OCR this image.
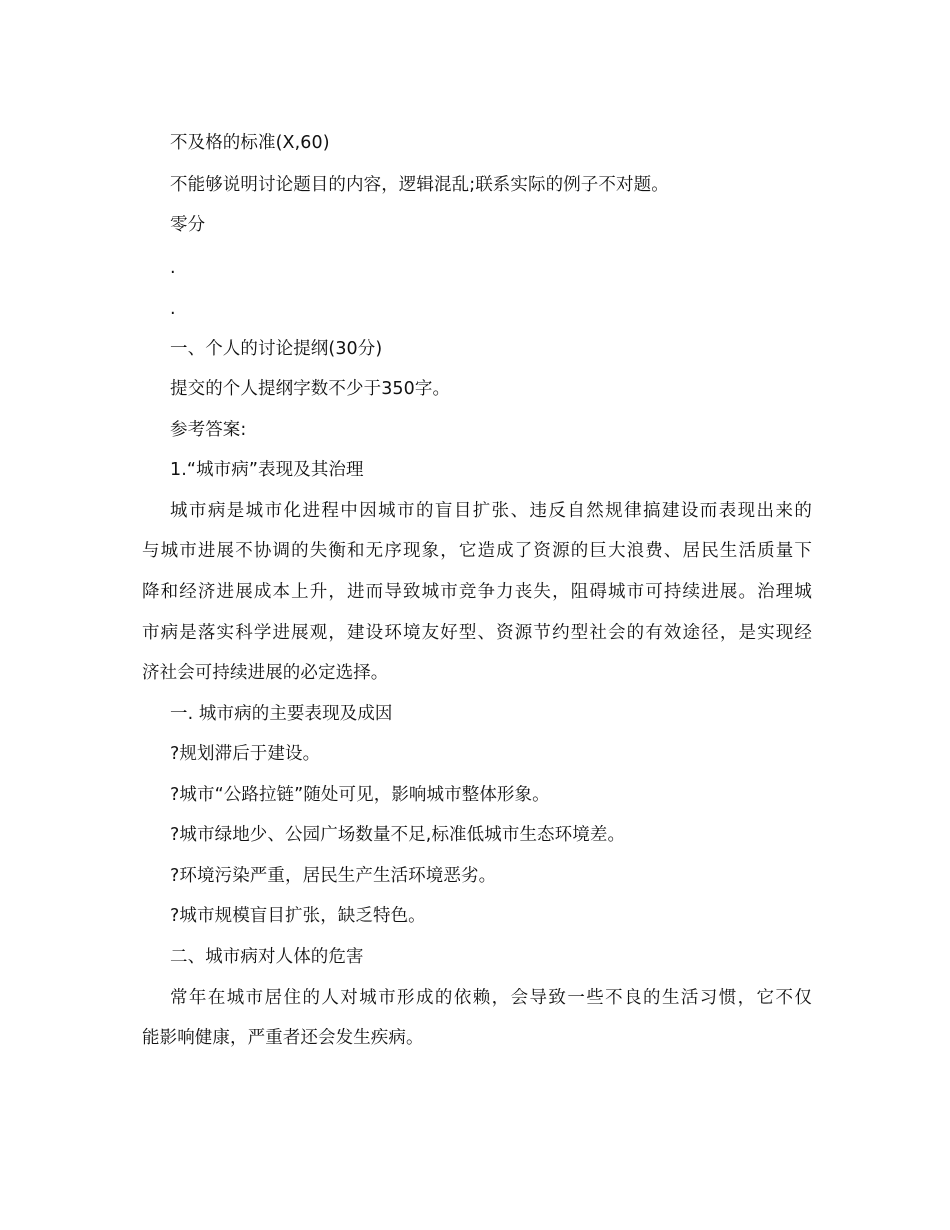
不及格的标准(X,60)
不能够说明讨论题目的内容，逻辑混乱;联系实际的例子不对题。
零分
.
.
一、个人的讨论提纲(30分)
提交的个人提纲字数不少于350字。
参考答案:
1.“城市病”表现及其治理
城市病是城市化进程中因城市的盲目扩张、违反自然规律搞建设而表现出来的
与城市进展不协调的失衡和无序现象，它造成了资源的巨大浪费、居民生活质量下
降和经济进展成本上升，进而导致城市竞争力丧失，阻碍城市可持续进展。治理城
市病是落实科学进展观，建设环境友好型、资源节约型社会的有效途径，是实现经
济社会可持续进展的必定选择。
一. 城市病的主要表现及成因
?规划滞后于建设。
?城市“公路拉链”随处可见，影响城市整体形象。
?城市绿地少、公园广场数量不足,标准低城市生态环境差。
?环境污染严重，居民生产生活环境恶劣。
?城市规模盲目扩张，缺乏特色。
二、城市病对人体的危害
常年在城市居住的人对城市形成的依赖，会导致一些不良的生活习惯，它不仅
能影响健康，严重者还会发生疾病。
